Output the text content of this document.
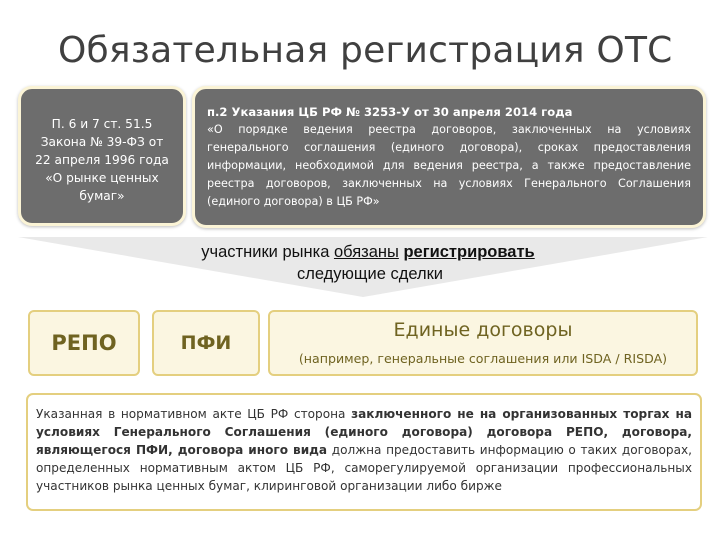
Обязательная регистрация ОТС
П. 6 и 7 ст. 51.5
Закона № 39-ФЗ от
22 апреля 1996 года
«О рынке ценных
бумаг»
п.2 Указания ЦБ РФ № 3253-У от 30 апреля 2014 года
«О порядке ведения реестра договоров, заключенных на условиях генерального соглашения (единого договора), сроках предоставления информации, необходимой для ведения реестра, а также предоставление реестра договоров, заключенных на условиях Генерального Соглашения (единого договора) в ЦБ РФ»
участники рынка обязаны регистрировать
следующие сделки
РЕПО	ПФИ
Единые договоры
(например, генеральные соглашения или ISDA / RISDA)
Указанная в нормативном акте ЦБ РФ сторона заключенного не на организованных торгах на условиях Генерального Соглашения (единого договора) договора РЕПО, договора, являющегося ПФИ, договора иного вида должна предоставить информацию о таких договорах, определенных нормативным актом ЦБ РФ, саморегулируемой организации профессиональных участников рынка ценных бумаг, клиринговой организации либо бирже
